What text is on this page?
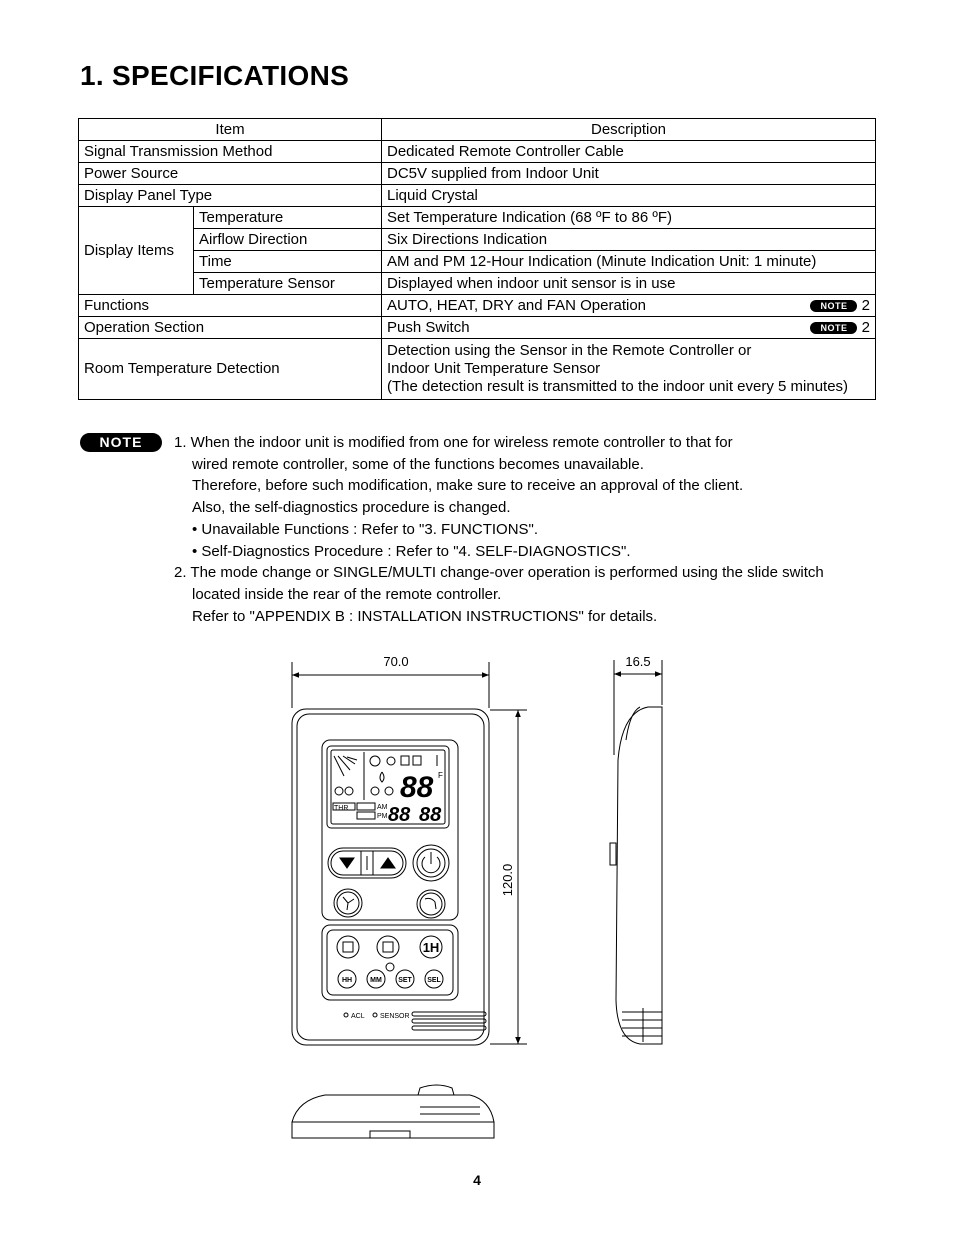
1. SPECIFICATIONS
Item		Description
Signal Transmission Method		Dedicated Remote Controller Cable
Power Source		DC5V supplied from Indoor Unit
Display Panel Type		Liquid Crystal
Display Items	Temperature	Set Temperature Indication (68 ºF to 86 ºF)
	Airflow Direction	Six Directions Indication
	Time	AM and PM 12-Hour Indication (Minute Indication Unit: 1 minute)
	Temperature Sensor	Displayed when indoor unit sensor is in use
Functions		AUTO, HEAT, DRY and FAN Operation NOTE 2

Operation Section		Push Switch NOTE 2

Room Temperature Detection		Detection using the Sensor in the Remote Controller or
Indoor Unit Temperature Sensor
(The detection result is transmitted to the indoor unit every 5 minutes)
NOTE	1. When the indoor unit is modified from one for wireless remote controller to that for
wired remote controller, some of the functions becomes unavailable.
Therefore, before such modification, make sure to receive an approval of the client.
Also, the self-diagnostics procedure is changed.
• Unavailable Functions : Refer to "3. FUNCTIONS".
• Self-Diagnostics Procedure : Refer to "4. SELF-DIAGNOSTICS".
2. The mode change or SINGLE/MULTI change-over operation is performed using the slide switch
located inside the rear of the remote controller.
Refer to "APPENDIX B : INSTALLATION INSTRUCTIONS" for details.
70.0
120.0
16.5
88 F
THR	AM
PM 88 88
1H
HH	MM SET SEL
ACL SENSOR
4
